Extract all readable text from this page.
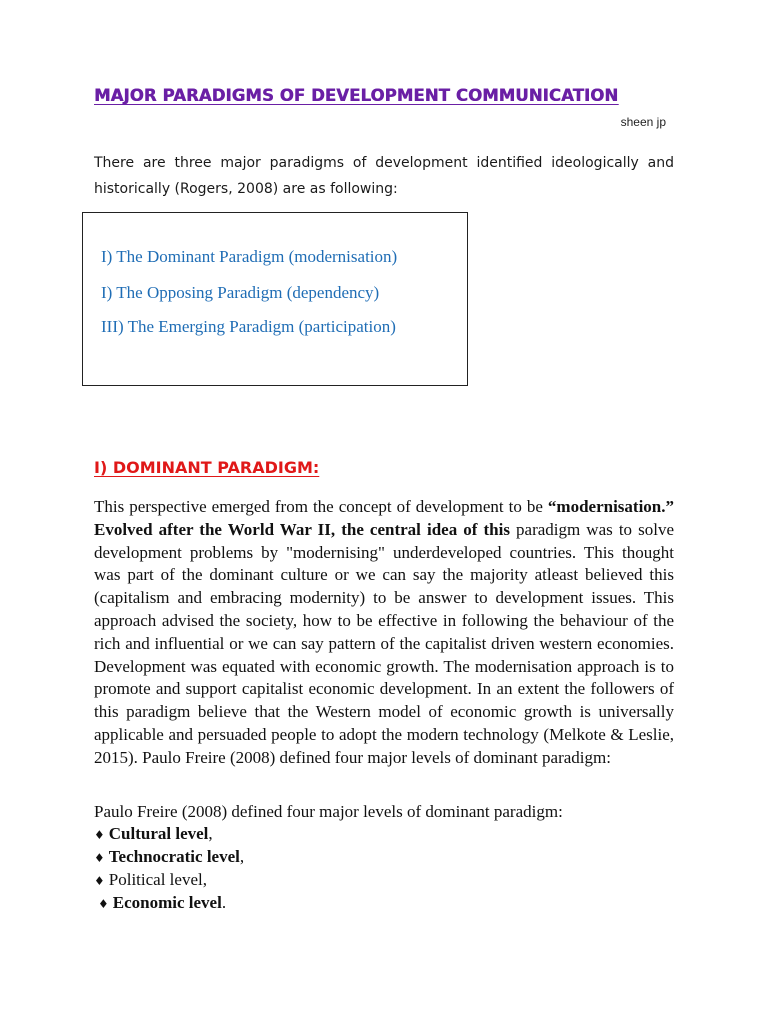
MAJOR PARADIGMS OF DEVELOPMENT COMMUNICATION
sheen jp
There are three major paradigms of development identified ideologically and historically (Rogers, 2008) are as following:
I) The Dominant Paradigm (modernisation)
I) The Opposing Paradigm (dependency)
III) The Emerging Paradigm (participation)
I) DOMINANT PARADIGM:
This perspective emerged from the concept of development to be “modernisation.” Evolved after the World War II, the central idea of this paradigm was to solve development problems by "modernising" underdeveloped countries. This thought was part of the dominant culture or we can say the majority atleast believed this (capitalism and embracing modernity) to be answer to development issues. This approach advised the society, how to be effective in following the behaviour of the rich and influential or we can say pattern of the capitalist driven western economies. Development was equated with economic growth. The modernisation approach is to promote and support capitalist economic development. In an extent the followers of this paradigm believe that the Western model of economic growth is universally applicable and persuaded people to adopt the modern technology (Melkote & Leslie, 2015). Paulo Freire (2008) defined four major levels of dominant paradigm:
Paulo Freire (2008) defined four major levels of dominant paradigm:
♦ Cultural level,
♦ Technocratic level,
♦ Political level,
♦ Economic level.
